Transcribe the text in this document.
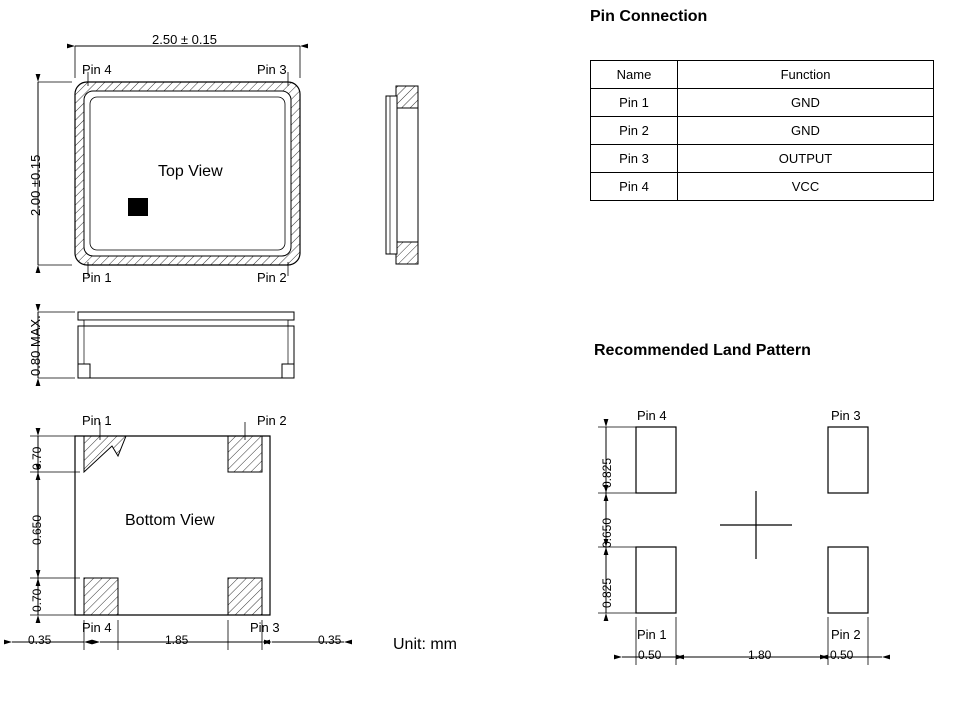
Pin Connection
Name	Function
Pin 1	GND
Pin 2	GND
Pin 3	OUTPUT
Pin 4	VCC
2.50 ± 0.15
2.00 ±0.15
Pin 4	Pin 3
Pin 1	Pin 2
Top View
0.80 MAX.
Pin 1	Pin 2
Pin 4	Pin 3
Bottom View
0.70
0.650
0.70
0.35	1.85	0.35	Unit: mm
Recommended Land Pattern
Pin 4	Pin 3
Pin 1	Pin 2
0.825
0.650
0.825
0.50	1.80	0.50
